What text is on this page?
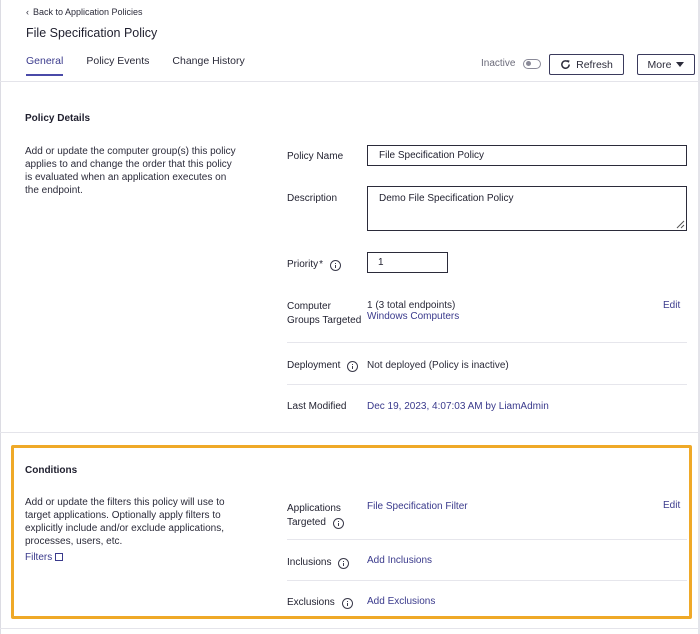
‹ Back to Application Policies
File Specification Policy
General Policy Events Change History	Inactive	Refresh	More
Policy Details
Add or update the computer group(s) this policy applies to and change the order that this policy is evaluated when an application executes on the endpoint.
Policy Name
File Specification Policy
Description
Demo File Specification Policy
Priority *
1
Computer
Groups Targeted
1 (3 total endpoints)
Windows Computers
Edit
Deployment	Not deployed (Policy is inactive)
Last Modified Dec 19, 2023, 4:07:03 AM by LiamAdmin
Conditions
Add or update the filters this policy will use to target applications. Optionally apply filters to explicitly include and/or exclude applications, processes, users, etc.
Filters
Applications
Targeted
File Specification Filter	Edit
Inclusions	Add Inclusions
Exclusions	Add Exclusions
